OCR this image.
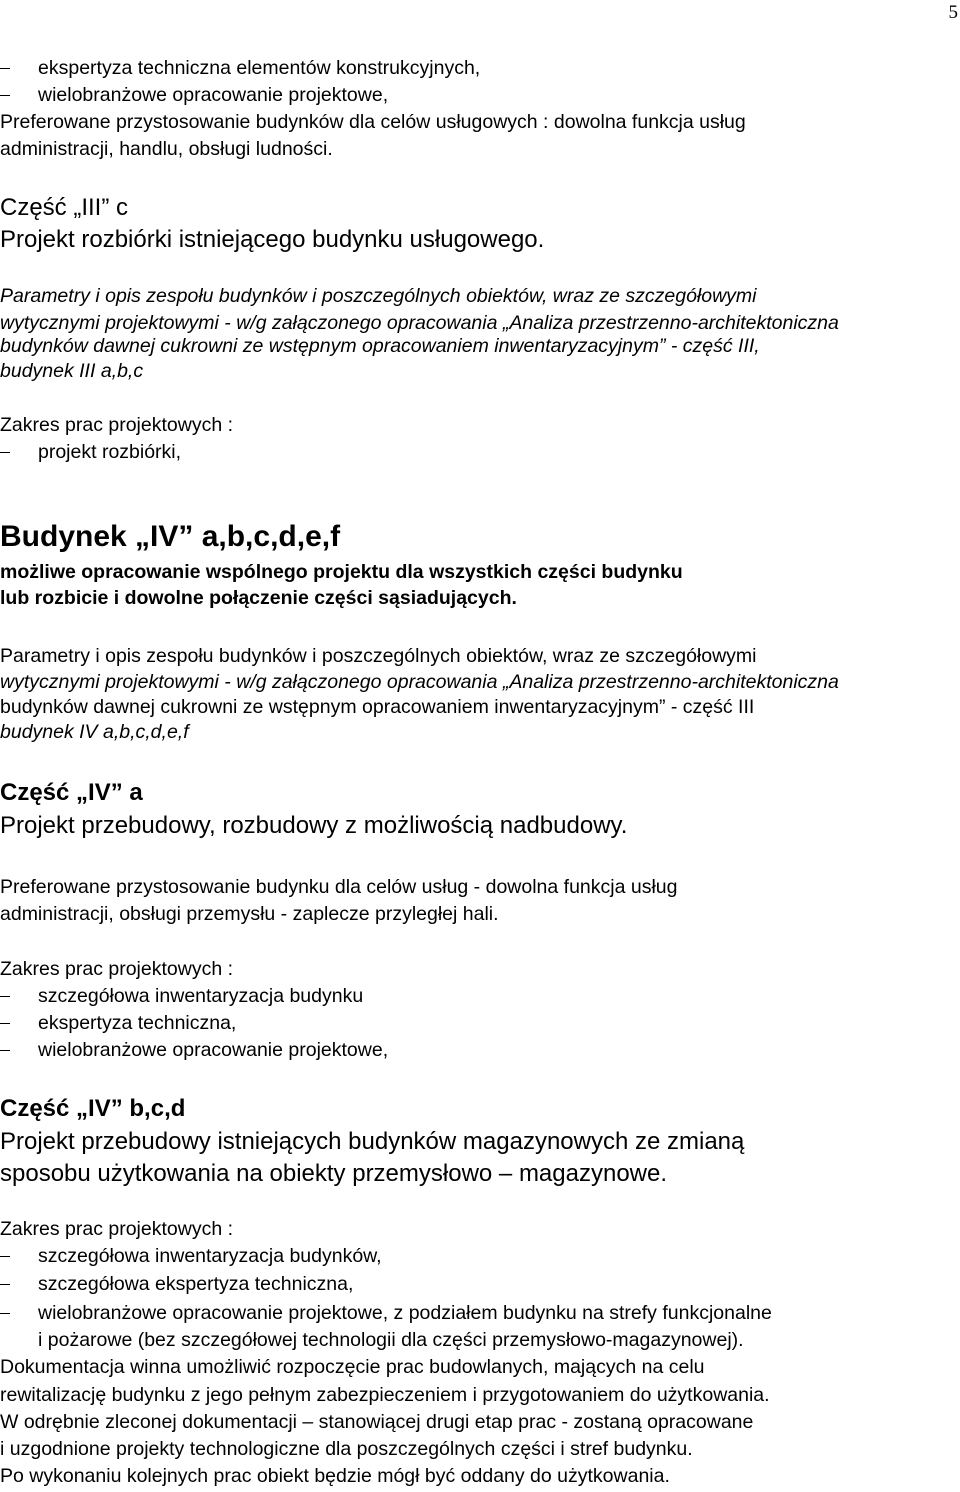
5
ekspertyza techniczna elementów konstrukcyjnych,
wielobranżowe opracowanie projektowe,
Preferowane przystosowanie budynków dla celów usługowych : dowolna funkcja usług
administracji, handlu, obsługi ludności.
Część „III” c
Projekt rozbiórki istniejącego budynku usługowego.
Parametry i opis zespołu budynków i poszczególnych obiektów, wraz ze szczegółowymi
wytycznymi projektowymi - w/g załączonego opracowania „Analiza przestrzenno-architektoniczna
budynków dawnej cukrowni ze wstępnym opracowaniem inwentaryzacyjnym” - część III,
budynek III a,b,c
Zakres prac projektowych :
projekt rozbiórki,
Budynek „IV” a,b,c,d,e,f
możliwe opracowanie wspólnego projektu dla wszystkich części budynku
lub rozbicie i dowolne połączenie części sąsiadujących.
Parametry i opis zespołu budynków i poszczególnych obiektów, wraz ze szczegółowymi
wytycznymi projektowymi - w/g załączonego opracowania „Analiza przestrzenno-architektoniczna
budynków dawnej cukrowni ze wstępnym opracowaniem inwentaryzacyjnym” - część III
budynek IV a,b,c,d,e,f
Część „IV” a
Projekt przebudowy, rozbudowy z możliwością nadbudowy.
Preferowane przystosowanie budynku dla celów usług - dowolna funkcja usług
administracji, obsługi przemysłu - zaplecze przyległej hali.
Zakres prac projektowych :
szczegółowa inwentaryzacja budynku
ekspertyza techniczna,
wielobranżowe opracowanie projektowe,
Część „IV” b,c,d
Projekt przebudowy istniejących budynków magazynowych ze zmianą
sposobu użytkowania na obiekty przemysłowo – magazynowe.
Zakres prac projektowych :
szczegółowa inwentaryzacja budynków,
szczegółowa ekspertyza techniczna,
wielobranżowe opracowanie projektowe, z podziałem budynku na strefy funkcjonalne
i pożarowe (bez szczegółowej technologii dla części przemysłowo-magazynowej).
Dokumentacja winna umożliwić rozpoczęcie prac budowlanych, mających na celu
rewitalizację budynku z jego pełnym zabezpieczeniem i przygotowaniem do użytkowania.
W odrębnie zleconej dokumentacji – stanowiącej drugi etap prac - zostaną opracowane
i uzgodnione projekty technologiczne dla poszczególnych części i stref budynku.
Po wykonaniu kolejnych prac obiekt będzie mógł być oddany do użytkowania.
